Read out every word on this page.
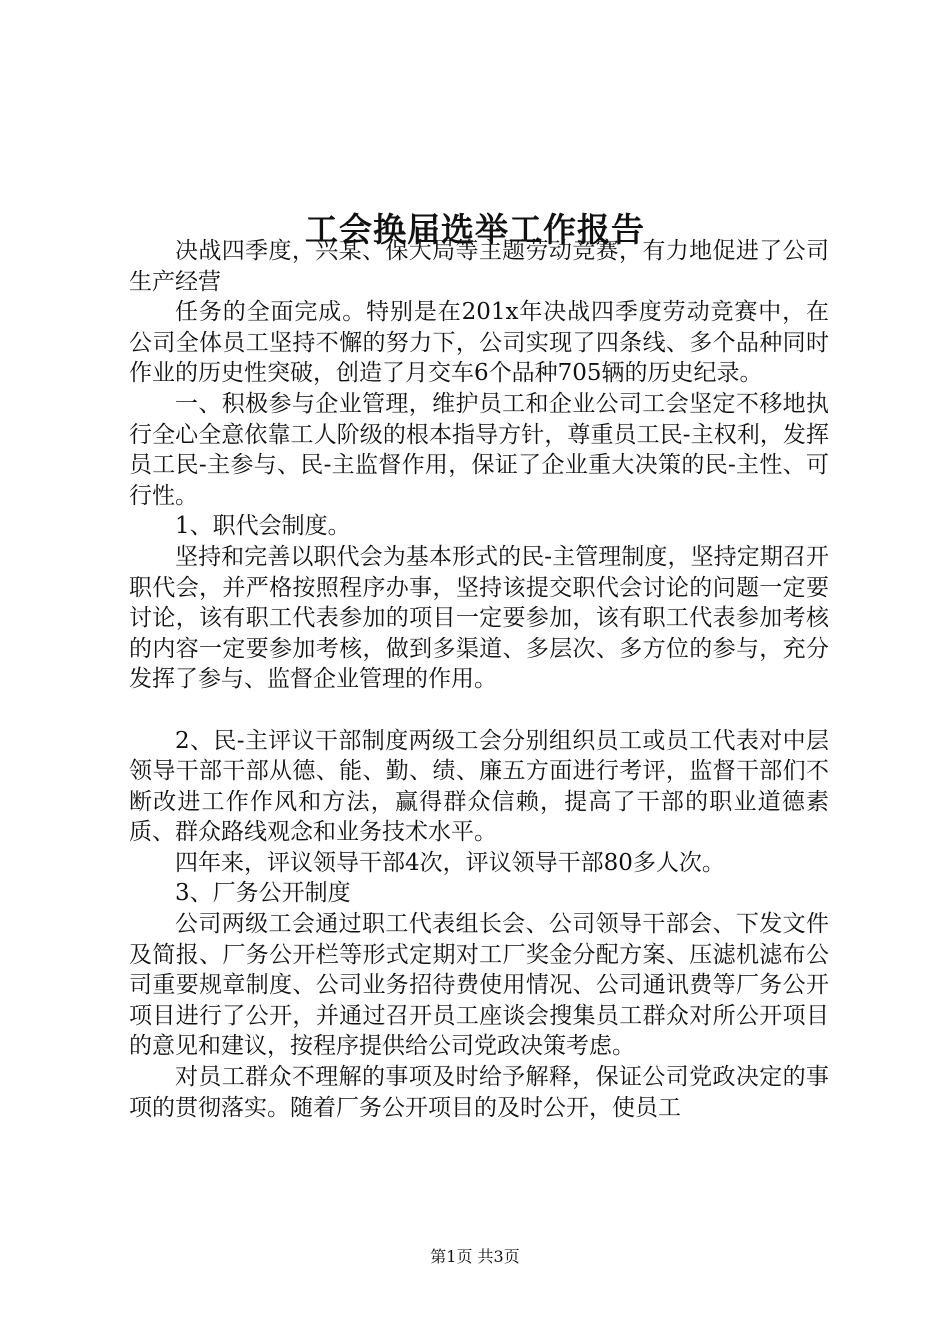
工会换届选举工作报告

决战四季度，兴某、保大局等主题劳动竞赛，有力地促进了公司生产经营

任务的全面完成。特别是在201x年决战四季度劳动竞赛中，在公司全体员工坚持不懈的努力下，公司实现了四条线、多个品种同时作业的历史性突破，创造了月交车6个品种705辆的历史纪录。

一、积极参与企业管理，维护员工和企业公司工会坚定不移地执行全心全意依靠工人阶级的根本指导方针，尊重员工民-主权利，发挥员工民-主参与、民-主监督作用，保证了企业重大决策的民-主性、可行性。

1、职代会制度。

坚持和完善以职代会为基本形式的民-主管理制度，坚持定期召开职代会，并严格按照程序办事，坚持该提交职代会讨论的问题一定要讨论，该有职工代表参加的项目一定要参加，该有职工代表参加考核的内容一定要参加考核，做到多渠道、多层次、多方位的参与，充分发挥了参与、监督企业管理的作用。

2、民-主评议干部制度两级工会分别组织员工或员工代表对中层领导干部干部从德、能、勤、绩、廉五方面进行考评，监督干部们不断改进工作作风和方法，赢得群众信赖，提高了干部的职业道德素质、群众路线观念和业务技术水平。

四年来，评议领导干部4次，评议领导干部80多人次。

3、厂务公开制度

公司两级工会通过职工代表组长会、公司领导干部会、下发文件及简报、厂务公开栏等形式定期对工厂奖金分配方案、压滤机滤布公司重要规章制度、公司业务招待费使用情况、公司通讯费等厂务公开项目进行了公开，并通过召开员工座谈会搜集员工群众对所公开项目的意见和建议，按程序提供给公司党政决策考虑。

对员工群众不理解的事项及时给予解释，保证公司党政决定的事项的贯彻落实。随着厂务公开项目的及时公开，使员工

第1页 共3页
